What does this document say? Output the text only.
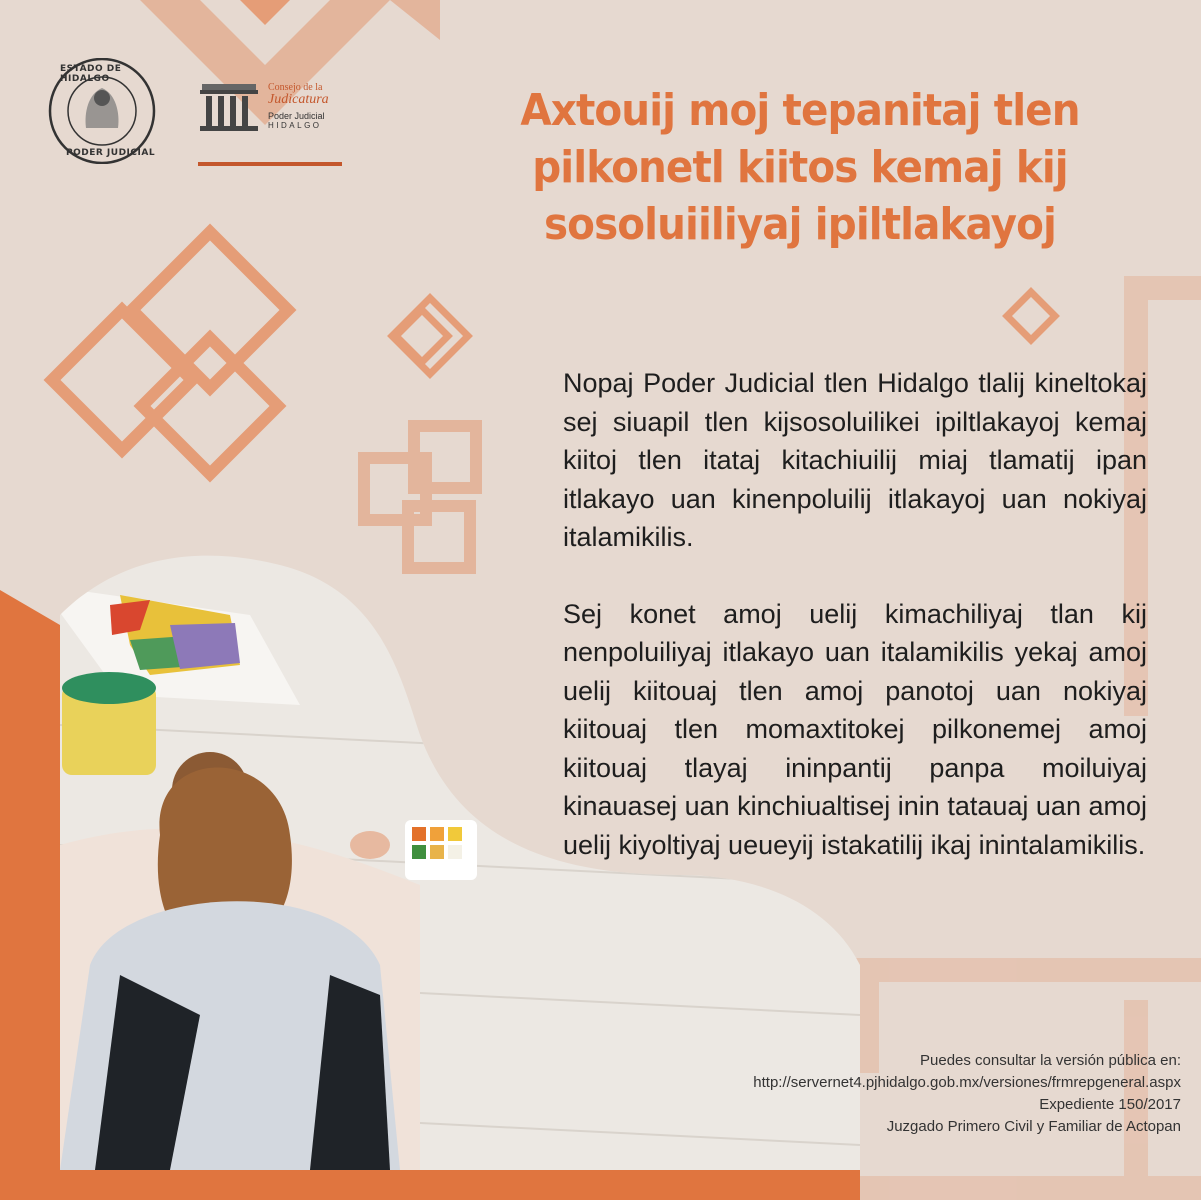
ESTADO DE HIDALGO
PODER JUDICIAL
Consejo de la
Judicatura
Poder Judicial
HIDALGO	Axtouij moj tepanitaj tlen
pilkonetl kiitos kemaj kij
sosoluiiliyaj ipiltlakayoj

Nopaj Poder Judicial tlen Hidalgo tlalij kineltokaj sej siuapil tlen kijsosoluilikei ipiltlakayoj kemaj kiitoj tlen itataj kitachiuilij miaj tlamatij ipan itlakayo uan kinenpoluilij itlakayoj uan nokiyaj italamikilis.

Sej konet amoj uelij kimachiliyaj tlan kij nenpoluiliyaj itlakayo uan italamikilis yekaj amoj uelij kiitouaj tlen amoj panotoj uan nokiyaj kiitouaj tlen momaxtitokej pilkonemej amoj kiitouaj tlayaj ininpantij panpa moiluiyaj kinauasej uan kinchiualtisej inin tatauaj uan amoj uelij kiyoltiyaj ueueyij istakatilij ikaj inintalamikilis.

Puedes consultar la versión pública en:
http://servernet4.pjhidalgo.gob.mx/versiones/frmrepgeneral.aspx
Expediente 150/2017
Juzgado Primero Civil y Familiar de Actopan
